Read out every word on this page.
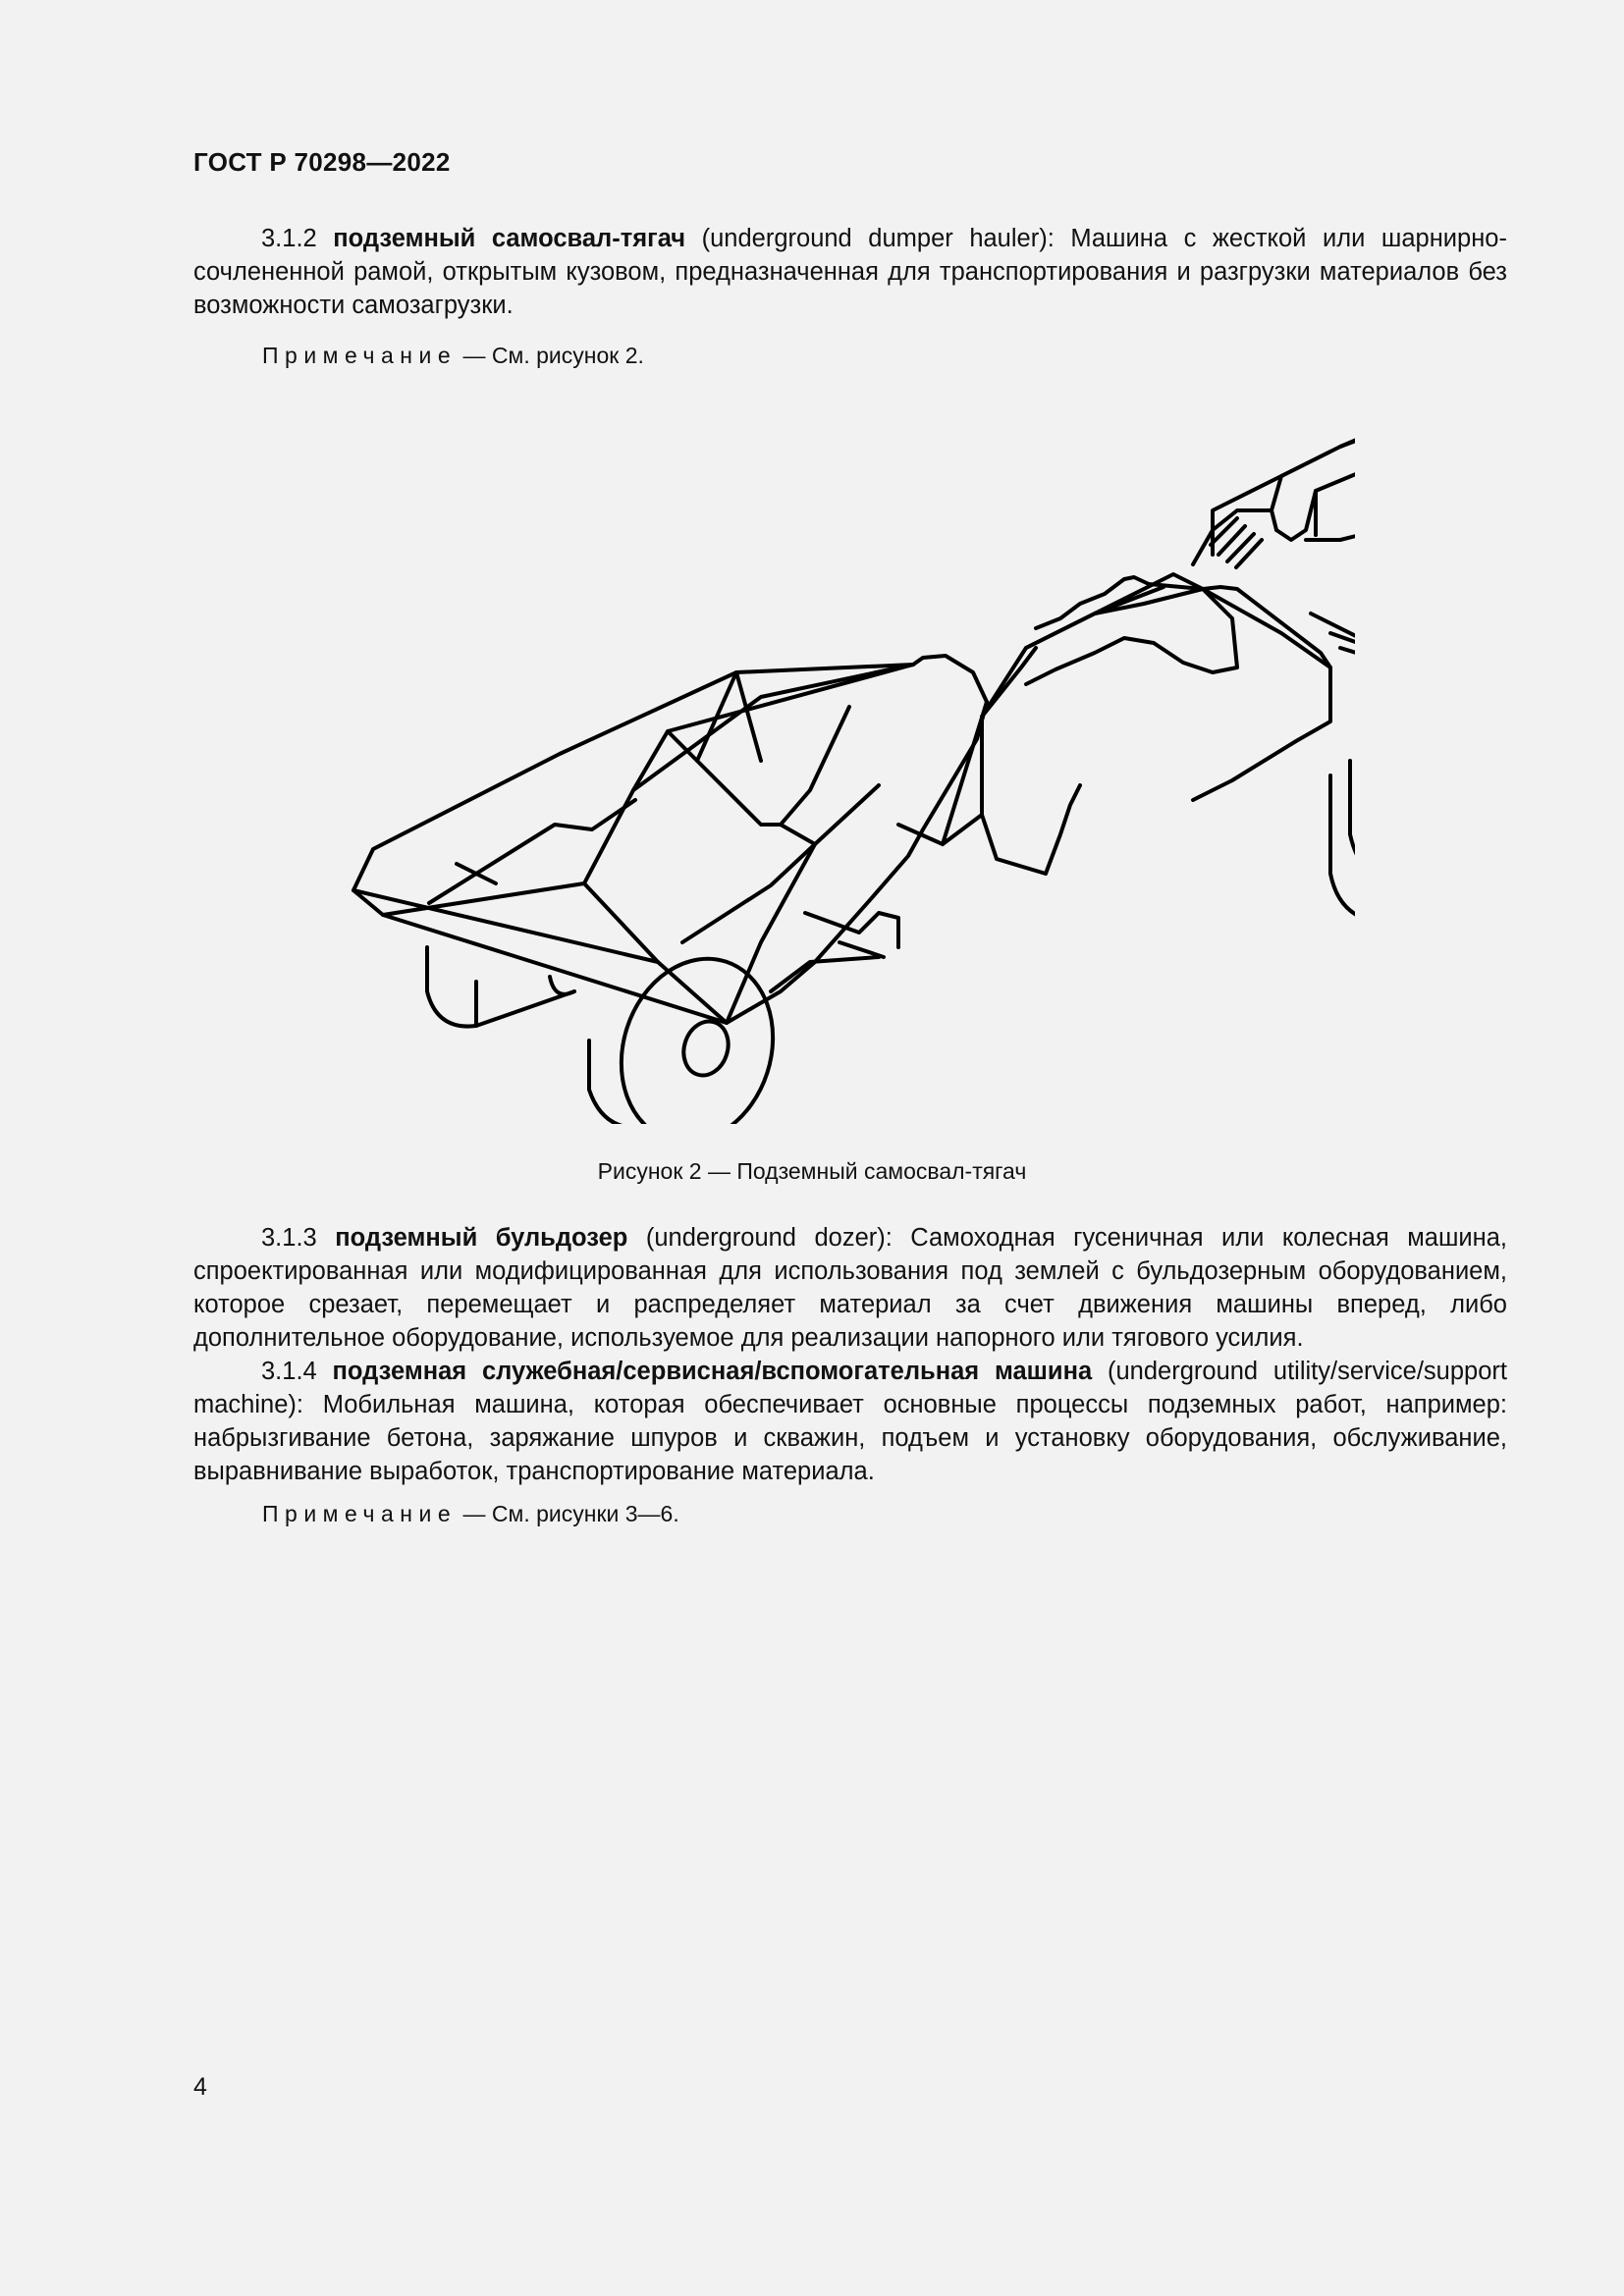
ГОСТ Р 70298—2022

3.1.2 подземный самосвал-тягач (underground dumper hauler): Машина с жесткой или шарнирно-сочлененной рамой, открытым кузовом, предназначенная для транспортирования и разгрузки материалов без возможности самозагрузки.

Примечание — См. рисунок 2.
Рисунок 2 — Подземный самосвал-тягач

3.1.3 подземный бульдозер (underground dozer): Самоходная гусеничная или колесная машина, спроектированная или модифицированная для использования под землей с бульдозерным оборудованием, которое срезает, перемещает и распределяет материал за счет движения машины вперед, либо дополнительное оборудование, используемое для реализации напорного или тягового усилия.

3.1.4 подземная служебная/сервисная/вспомогательная машина (underground utility/service/support machine): Мобильная машина, которая обеспечивает основные процессы подземных работ, например: набрызгивание бетона, заряжание шпуров и скважин, подъем и установку оборудования, обслуживание, выравнивание выработок, транспортирование материала.

Примечание — См. рисунки 3—6.
4
